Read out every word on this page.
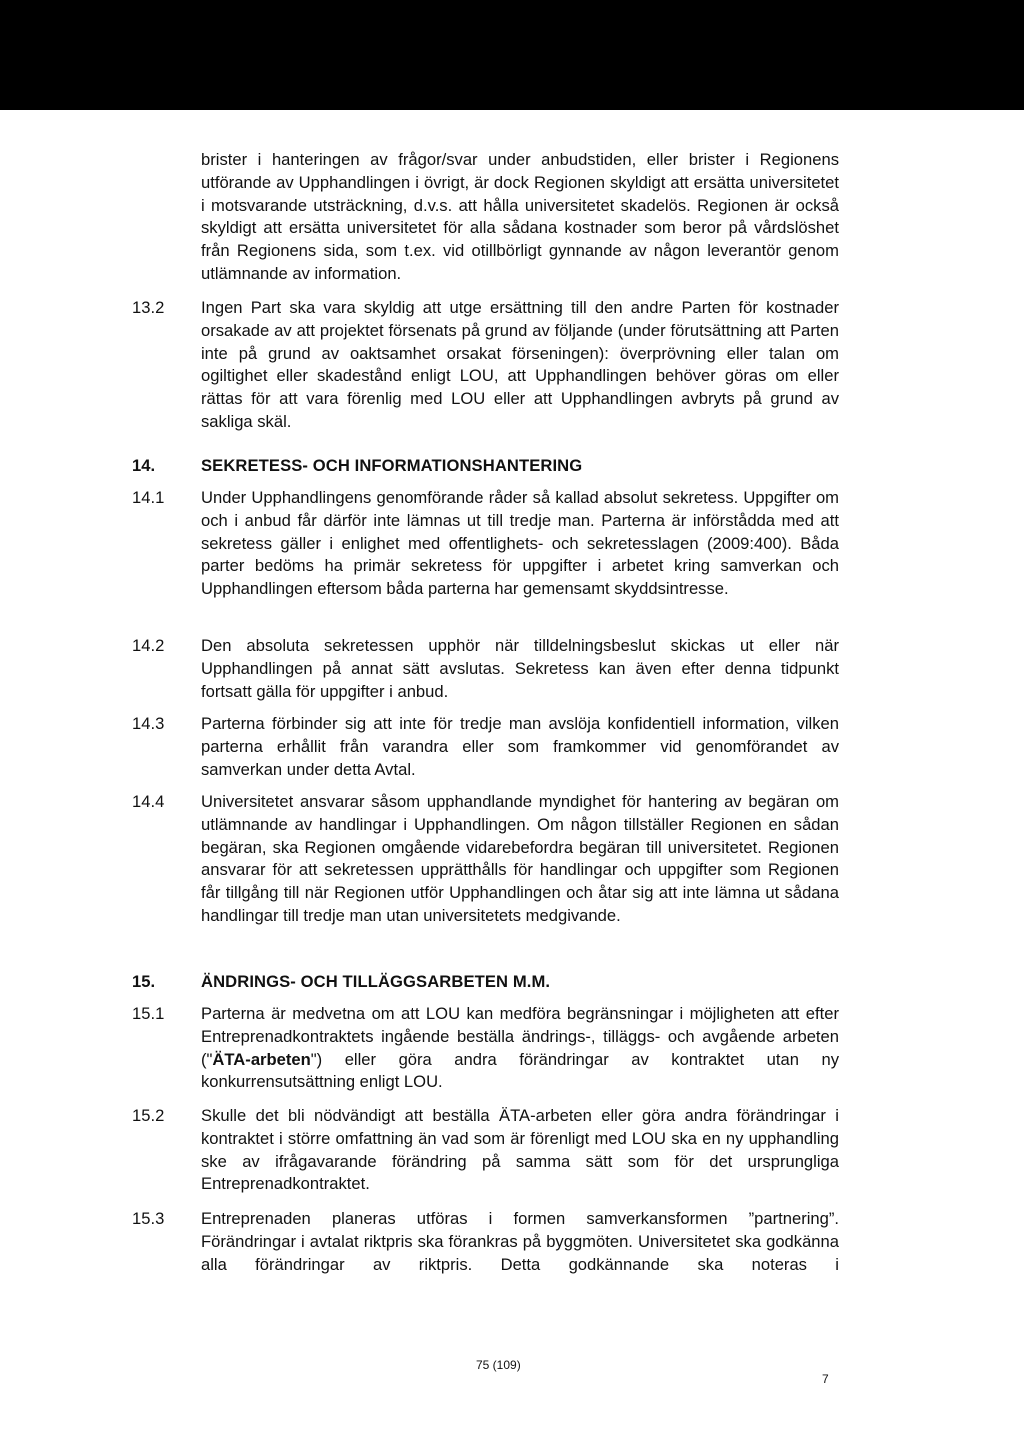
brister i hanteringen av frågor/svar under anbudstiden, eller brister i Regionens utförande av Upphandlingen i övrigt, är dock Regionen skyldigt att ersätta universitetet i motsvarande utsträckning, d.v.s. att hålla universitetet skadelös. Regionen är också skyldigt att ersätta universitetet för alla sådana kostnader som beror på vårdslöshet från Regionens sida, som t.ex. vid otillbörligt gynnande av någon leverantör genom utlämnande av information.

13.2 Ingen Part ska vara skyldig att utge ersättning till den andre Parten för kostnader orsakade av att projektet försenats på grund av följande (under förutsättning att Parten inte på grund av oaktsamhet orsakat förseningen): överprövning eller talan om ogiltighet eller skadestånd enligt LOU, att Upphandlingen behöver göras om eller rättas för att vara förenlig med LOU eller att Upphandlingen avbryts på grund av sakliga skäl.

14.	SEKRETESS- OCH INFORMATIONSHANTERING
14.1 Under Upphandlingens genomförande råder så kallad absolut sekretess. Uppgifter om och i anbud får därför inte lämnas ut till tredje man. Parterna är införstådda med att sekretess gäller i enlighet med offentlighets- och sekretesslagen (2009:400). Båda parter bedöms ha primär sekretess för uppgifter i arbetet kring samverkan och Upphandlingen eftersom båda parterna har gemensamt skyddsintresse.

14.2 Den absoluta sekretessen upphör när tilldelningsbeslut skickas ut eller när Upphandlingen på annat sätt avslutas. Sekretess kan även efter denna tidpunkt fortsatt gälla för uppgifter i anbud.

14.3 Parterna förbinder sig att inte för tredje man avslöja konfidentiell information, vilken parterna erhållit från varandra eller som framkommer vid genomförandet av samverkan under detta Avtal.

14.4 Universitetet ansvarar såsom upphandlande myndighet för hantering av begäran om utlämnande av handlingar i Upphandlingen. Om någon tillställer Regionen en sådan begäran, ska Regionen omgående vidarebefordra begäran till universitetet. Regionen ansvarar för att sekretessen upprätthålls för handlingar och uppgifter som Regionen får tillgång till när Regionen utför Upphandlingen och åtar sig att inte lämna ut sådana handlingar till tredje man utan universitetets medgivande.

15.	ÄNDRINGS- OCH TILLÄGGSARBETEN M.M.
15.1 Parterna är medvetna om att LOU kan medföra begränsningar i möjligheten att efter Entreprenadkontraktets ingående beställa ändrings-, tilläggs- och avgående arbeten ("ÄTA-arbeten") eller göra andra förändringar av kontraktet utan ny konkurrensutsättning enligt LOU.

15.2 Skulle det bli nödvändigt att beställa ÄTA-arbeten eller göra andra förändringar i kontraktet i större omfattning än vad som är förenligt med LOU ska en ny upphandling ske av ifrågavarande förändring på samma sätt som för det ursprungliga Entreprenadkontraktet.

15.3 Entreprenaden planeras utföras i formen samverkansformen ”partnering”. Förändringar i avtalat riktpris ska förankras på byggmöten. Universitetet ska godkänna alla förändringar av riktpris. Detta godkännande ska noteras i

75 (109)
7
